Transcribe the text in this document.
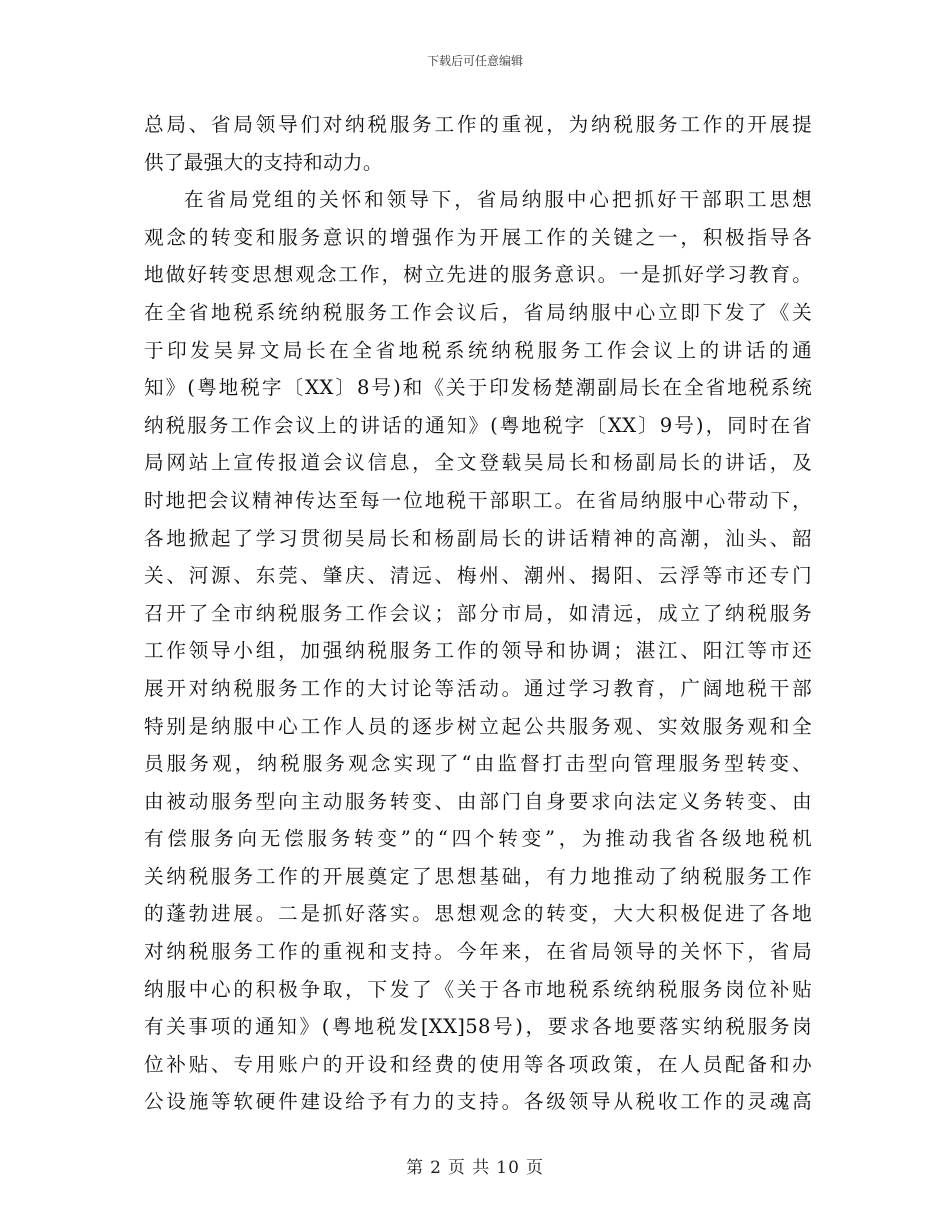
下载后可任意编辑
总局、省局领导们对纳税服务工作的重视，为纳税服务工作的开展提
供了最强大的支持和动力。
在省局党组的关怀和领导下，省局纳服中心把抓好干部职工思想
观念的转变和服务意识的增强作为开展工作的关键之一，积极指导各
地做好转变思想观念工作，树立先进的服务意识。一是抓好学习教育。
在全省地税系统纳税服务工作会议后，省局纳服中心立即下发了《关
于印发吴昇文局长在全省地税系统纳税服务工作会议上的讲话的通
知》(粤地税字〔XX〕8号)和《关于印发杨楚潮副局长在全省地税系统
纳税服务工作会议上的讲话的通知》(粤地税字〔XX〕9号)，同时在省
局网站上宣传报道会议信息，全文登载吴局长和杨副局长的讲话，及
时地把会议精神传达至每一位地税干部职工。在省局纳服中心带动下，
各地掀起了学习贯彻吴局长和杨副局长的讲话精神的高潮，汕头、韶
关、河源、东莞、肇庆、清远、梅州、潮州、揭阳、云浮等市还专门
召开了全市纳税服务工作会议；部分市局，如清远，成立了纳税服务
工作领导小组，加强纳税服务工作的领导和协调；湛江、阳江等市还
展开对纳税服务工作的大讨论等活动。通过学习教育，广阔地税干部
特别是纳服中心工作人员的逐步树立起公共服务观、实效服务观和全
员服务观，纳税服务观念实现了“由监督打击型向管理服务型转变、
由被动服务型向主动服务转变、由部门自身要求向法定义务转变、由
有偿服务向无偿服务转变”的“四个转变”，为推动我省各级地税机
关纳税服务工作的开展奠定了思想基础，有力地推动了纳税服务工作
的蓬勃进展。二是抓好落实。思想观念的转变，大大积极促进了各地
对纳税服务工作的重视和支持。今年来，在省局领导的关怀下，省局
纳服中心的积极争取，下发了《关于各市地税系统纳税服务岗位补贴
有关事项的通知》(粤地税发[XX]58号)，要求各地要落实纳税服务岗
位补贴、专用账户的开设和经费的使用等各项政策，在人员配备和办
公设施等软硬件建设给予有力的支持。各级领导从税收工作的灵魂高
第 2 页 共 10 页
